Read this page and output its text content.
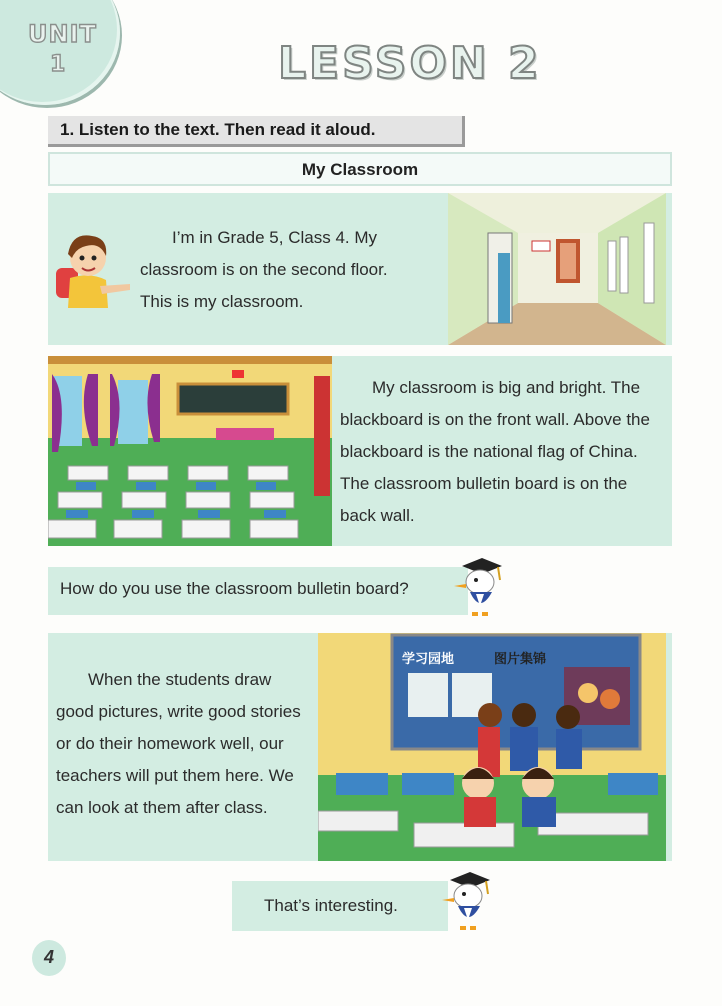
UNIT
1	LESSON 2
1. Listen to the text. Then read it aloud.
My Classroom
I’m in Grade 5, Class 4. My
classroom is on the second floor.
This is my classroom.
My classroom is big and bright. The
blackboard is on the front wall. Above the
blackboard is the national flag of China.
The classroom bulletin board is on the
back wall.
How do you use the classroom bulletin board?
When the students draw
good pictures, write good stories
or do their homework well, our
teachers will put them here. We
can look at them after class.
学习园地	图片集锦
That’s interesting.
4
